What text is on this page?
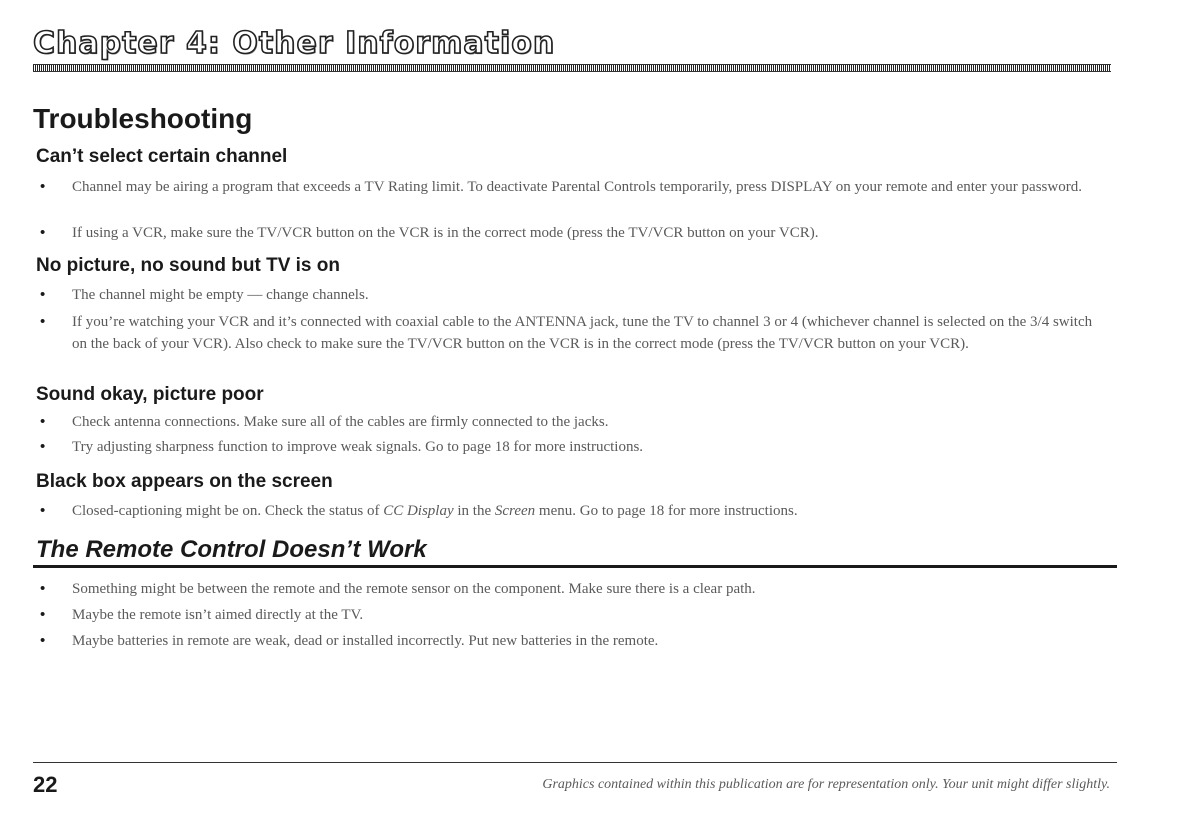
Chapter 4: Other Information
Troubleshooting
Can’t select certain channel
• Channel may be airing a program that exceeds a TV Rating limit. To deactivate Parental Controls temporarily, press DISPLAY on your remote and enter your password.
• If using a VCR, make sure the TV/VCR button on the VCR is in the correct mode (press the TV/VCR button on your VCR).
No picture, no sound but TV is on
• The channel might be empty — change channels.
• If you’re watching your VCR and it’s connected with coaxial cable to the ANTENNA jack, tune the TV to channel 3 or 4 (whichever channel is selected on the 3/4 switch on the back of your VCR). Also check to make sure the TV/VCR button on the VCR is in the correct mode (press the TV/VCR button on your VCR).
Sound okay, picture poor
• Check antenna connections. Make sure all of the cables are firmly connected to the jacks.
• Try adjusting sharpness function to improve weak signals. Go to page 18 for more instructions.
Black box appears on the screen
• Closed-captioning might be on. Check the status of CC Display in the Screen menu. Go to page 18 for more instructions.
The Remote Control Doesn’t Work
• Something might be between the remote and the remote sensor on the component. Make sure there is a clear path.
• Maybe the remote isn’t aimed directly at the TV.
• Maybe batteries in remote are weak, dead or installed incorrectly. Put new batteries in the remote.
22	Graphics contained within this publication are for representation only. Your unit might differ slightly.
